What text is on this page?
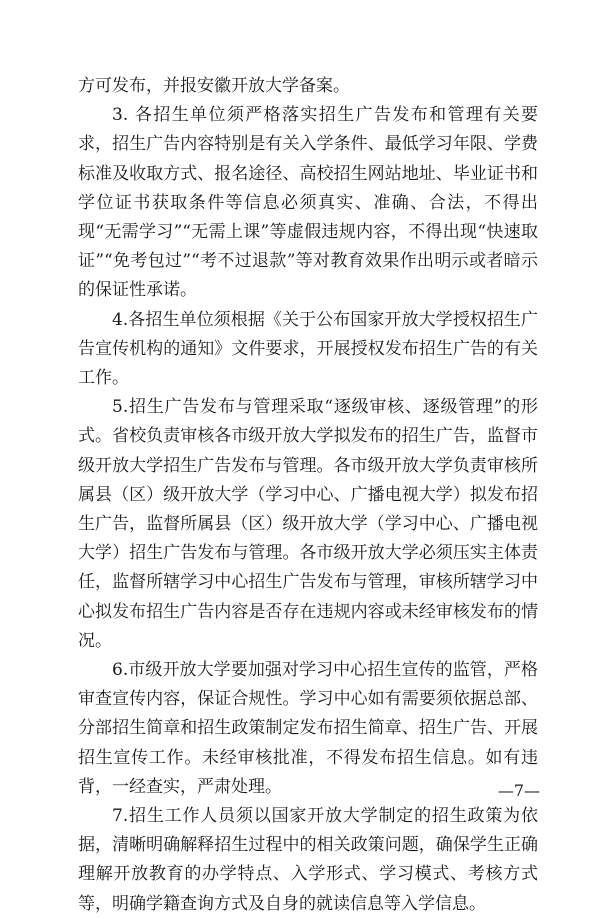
方可发布，并报安徽开放大学备案。

3. 各招生单位须严格落实招生广告发布和管理有关要求，招生广告内容特别是有关入学条件、最低学习年限、学费标准及收取方式、报名途径、高校招生网站地址、毕业证书和学位证书获取条件等信息必须真实、准确、合法，不得出现“无需学习”“无需上课”等虚假违规内容，不得出现“快速取证”“免考包过”“考不过退款”等对教育效果作出明示或者暗示的保证性承诺。

4.各招生单位须根据《关于公布国家开放大学授权招生广告宣传机构的通知》文件要求，开展授权发布招生广告的有关工作。

5.招生广告发布与管理采取“逐级审核、逐级管理”的形式。省校负责审核各市级开放大学拟发布的招生广告，监督市级开放大学招生广告发布与管理。各市级开放大学负责审核所属县（区）级开放大学（学习中心、广播电视大学）拟发布招生广告，监督所属县（区）级开放大学（学习中心、广播电视大学）招生广告发布与管理。各市级开放大学必须压实主体责任，监督所辖学习中心招生广告发布与管理，审核所辖学习中心拟发布招生广告内容是否存在违规内容或未经审核发布的情况。

6.市级开放大学要加强对学习中心招生宣传的监管，严格审查宣传内容，保证合规性。学习中心如有需要须依据总部、分部招生简章和招生政策制定发布招生简章、招生广告、开展招生宣传工作。未经审核批准，不得发布招生信息。如有违背，一经查实，严肃处理。

7.招生工作人员须以国家开放大学制定的招生政策为依据，清晰明确解释招生过程中的相关政策问题，确保学生正确理解开放教育的办学特点、入学形式、学习模式、考核方式等，明确学籍查询方式及自身的就读信息等入学信息。

—7—
